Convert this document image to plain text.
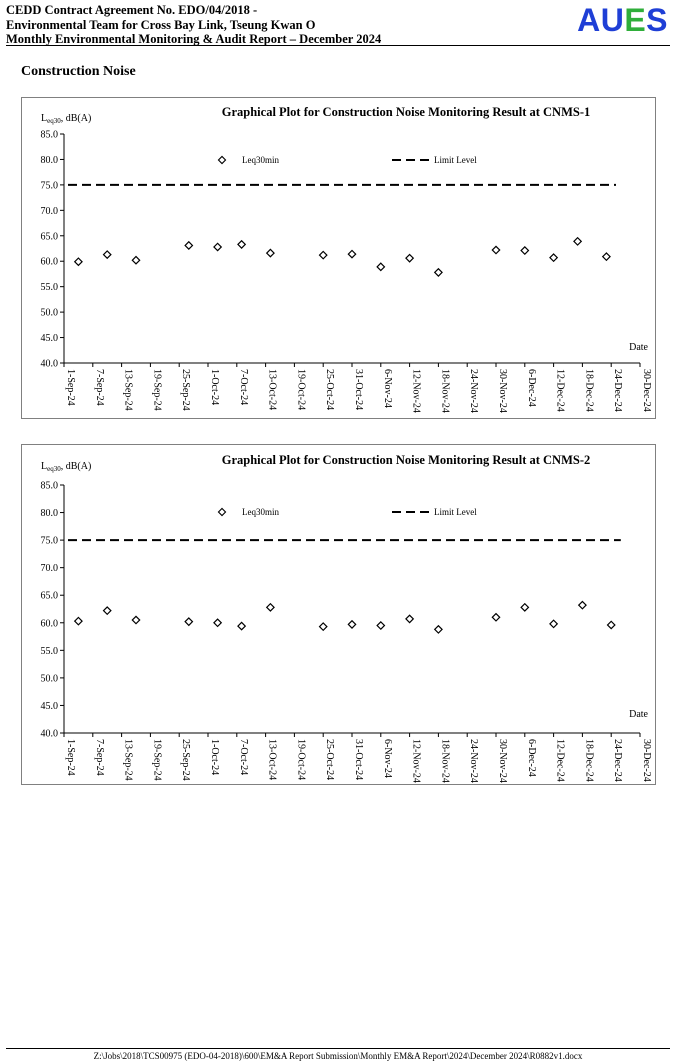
CEDD Contract Agreement No. EDO/04/2018 -
Environmental Team for Cross Bay Link, Tseung Kwan O
Monthly Environmental Monitoring & Audit Report – December 2024
AUES
Construction Noise
Graphical Plot for Construction Noise Monitoring Result at CNMS-1
$L_{eq30}$, dB(A)
40.0
45.0
50.0
55.0
60.0
65.0
70.0
75.0
80.0
85.0
1-Sep-24 7-Sep-24 13-Sep-24 19-Sep-24 25-Sep-24 1-Oct-24 7-Oct-24 13-Oct-24 19-Oct-24 25-Oct-24 31-Oct-24 6-Nov-24 12-Nov-24 18-Nov-24 24-Nov-24 30-Nov-24 6-Dec-24 12-Dec-24 18-Dec-24 24-Dec-24 30-Dec-24
Date
Leq30min	Limit Level
Graphical Plot for Construction Noise Monitoring Result at CNMS-2
$L_{eq30}$, dB(A)
40.0
45.0
50.0
55.0
60.0
65.0
70.0
75.0
80.0
85.0
1-Sep-24 7-Sep-24 13-Sep-24 19-Sep-24 25-Sep-24 1-Oct-24 7-Oct-24 13-Oct-24 19-Oct-24 25-Oct-24 31-Oct-24 6-Nov-24 12-Nov-24 18-Nov-24 24-Nov-24 30-Nov-24 6-Dec-24 12-Dec-24 18-Dec-24 24-Dec-24 30-Dec-24
Date
Leq30min	Limit Level
Z:\Jobs\2018\TCS00975 (EDO-04-2018)\600\EM&A Report Submission\Monthly EM&A Report\2024\December 2024\R0882v1.docx
